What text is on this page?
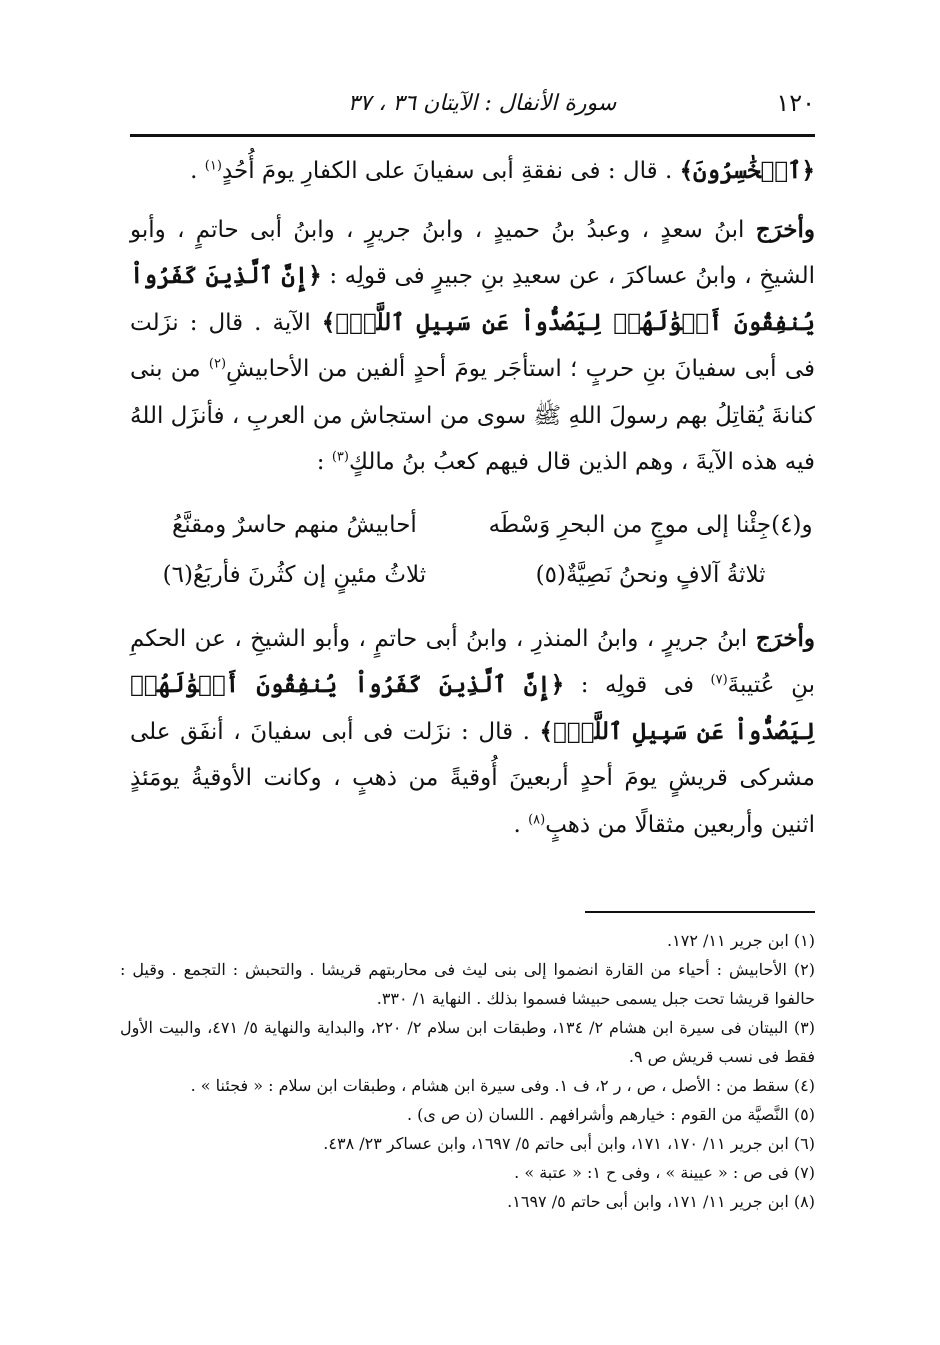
١٢٠
سورة الأنفال : الآيتان ٣٦ ، ٣٧

﴿ٱلۡخَٰسِرُونَ﴾ . قال : فى نفقةِ أبى سفيانَ على الكفارِ يومَ أُحُدٍ$^{(١)}$ .

وأخرَج ابنُ سعدٍ ، وعبدُ بنُ حميدٍ ، وابنُ جريرٍ ، وابنُ أبى حاتمٍ ، وأبو الشيخِ ، وابنُ عساكرَ ، عن سعيدِ بنِ جبيرٍ فى قولِه : ﴿إِنَّ ٱلَّذِينَ كَفَرُواْ يُنفِقُونَ أَمۡوَٰلَهُمۡ لِيَصُدُّواْ عَن سَبِيلِ ٱللَّهِۚ﴾ الآية . قال : نزَلت فى أبى سفيانَ بنِ حربٍ ؛ استأجَر يومَ أحدٍ ألفين من الأحابيشِ$^{(٢)}$ من بنى كنانةَ يُقاتِلُ بهم رسولَ اللهِ ﷺ سوى من استجاش من العربِ ، فأنزَل اللهُ فيه هذه الآيةَ ، وهم الذين قال فيهم كعبُ بنُ مالكٍ$^{(٣)}$ :

و(٤)جِئْنا إلى موجٍ من البحرِ وَسْطَه
أحابيشُ منهم حاسرٌ ومقنَّعُ
ثلاثةُ آلافٍ ونحنُ نَصِيَّةٌ(٥)
ثلاثُ مئينٍ إن كثُرنَ فأربَعُ(٦)

وأخرَج ابنُ جريرٍ ، وابنُ المنذرِ ، وابنُ أبى حاتمٍ ، وأبو الشيخِ ، عن الحكمِ بنِ عُتيبةَ$^{(٧)}$ فى قولِه : ﴿إِنَّ ٱلَّذِينَ كَفَرُواْ يُنفِقُونَ أَمۡوَٰلَهُمۡ لِيَصُدُّواْ عَن سَبِيلِ ٱللَّهِۚ﴾ . قال : نزَلت فى أبى سفيانَ ، أنفَق على مشركى قريشٍ يومَ أحدٍ أربعينَ أُوقيةً من ذهبٍ ، وكانت الأوقيةُ يومَئذٍ اثنين وأربعين مثقالًا من ذهبٍ$^{(٨)}$ .

(١) ابن جرير ١١/ ١٧٢.

(٢) الأحابيش : أحياء من القارة انضموا إلى بنى ليث فى محاربتهم قريشا . والتحبش : التجمع . وقيل : حالفوا قريشا تحت جبل يسمى حبيشا فسموا بذلك . النهاية ١/ ٣٣٠.

(٣) البيتان فى سيرة ابن هشام ٢/ ١٣٤، وطبقات ابن سلام ٢/ ٢٢٠، والبداية والنهاية ٥/ ٤٧١، والبيت الأول فقط فى نسب قريش ص ٩.

(٤) سقط من : الأصل ، ص ، ر ٢، ف ١. وفى سيرة ابن هشام ، وطبقات ابن سلام : « فجئنا » .

(٥) النَّصيَّة من القوم : خيارهم وأشرافهم . اللسان (ن ص ى) .

(٦) ابن جرير ١١/ ١٧٠، ١٧١، وابن أبى حاتم ٥/ ١٦٩٧، وابن عساكر ٢٣/ ٤٣٨.

(٧) فى ص : « عيينة » ، وفى ح ١: « عتبة » .

(٨) ابن جرير ١١/ ١٧١، وابن أبى حاتم ٥/ ١٦٩٧.
